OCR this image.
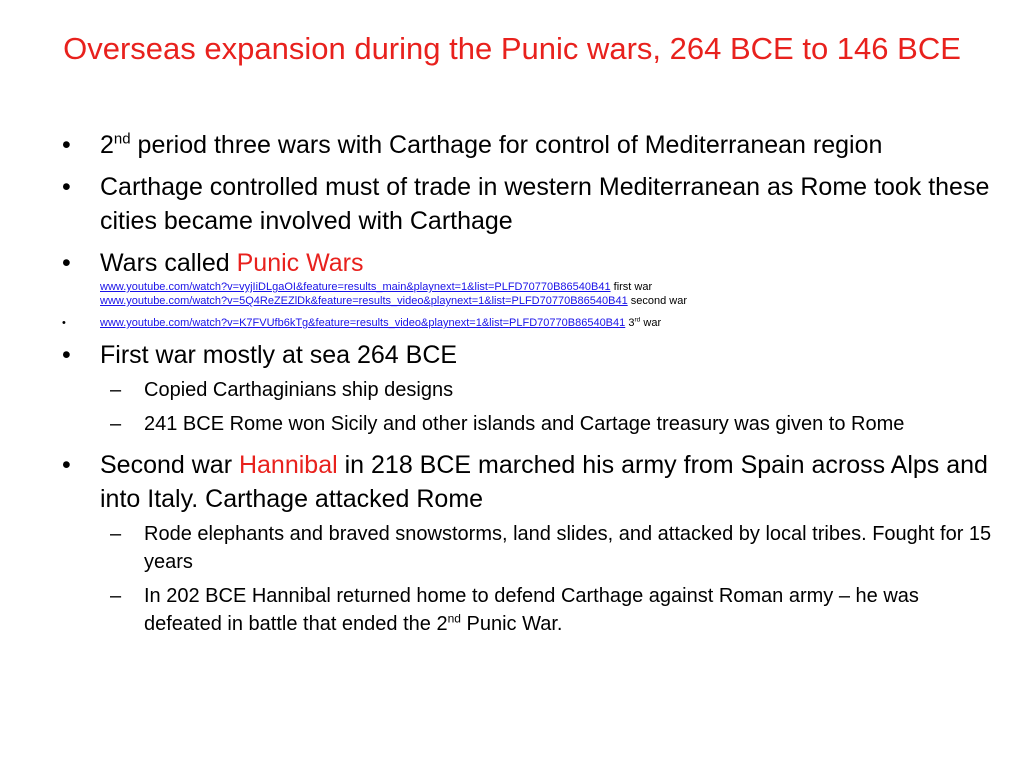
Overseas expansion during the Punic wars, 264 BCE to 146 BCE
•	2nd period three wars with Carthage for control of Mediterranean region
•	Carthage controlled must of trade in western Mediterranean as Rome took these cities became involved with Carthage
•	Wars called Punic Wars
www.youtube.com/watch?v=vyjIiDLgaOI&feature=results_main&playnext=1&list=PLFD70770B86540B41 first war
www.youtube.com/watch?v=5Q4ReZEZlDk&feature=results_video&playnext=1&list=PLFD70770B86540B41 second war
•	www.youtube.com/watch?v=K7FVUfb6kTg&feature=results_video&playnext=1&list=PLFD70770B86540B41 3rd war
•	First war mostly at sea 264 BCE
– Copied Carthaginians ship designs
– 241 BCE Rome won Sicily and other islands and Cartage treasury was given to Rome
•	Second war Hannibal in 218 BCE marched his army from Spain across Alps and into Italy. Carthage attacked Rome
– Rode elephants and braved snowstorms, land slides, and attacked by local tribes. Fought for 15 years
– In 202 BCE Hannibal returned home to defend Carthage against Roman army – he was defeated in battle that ended the 2nd Punic War.
